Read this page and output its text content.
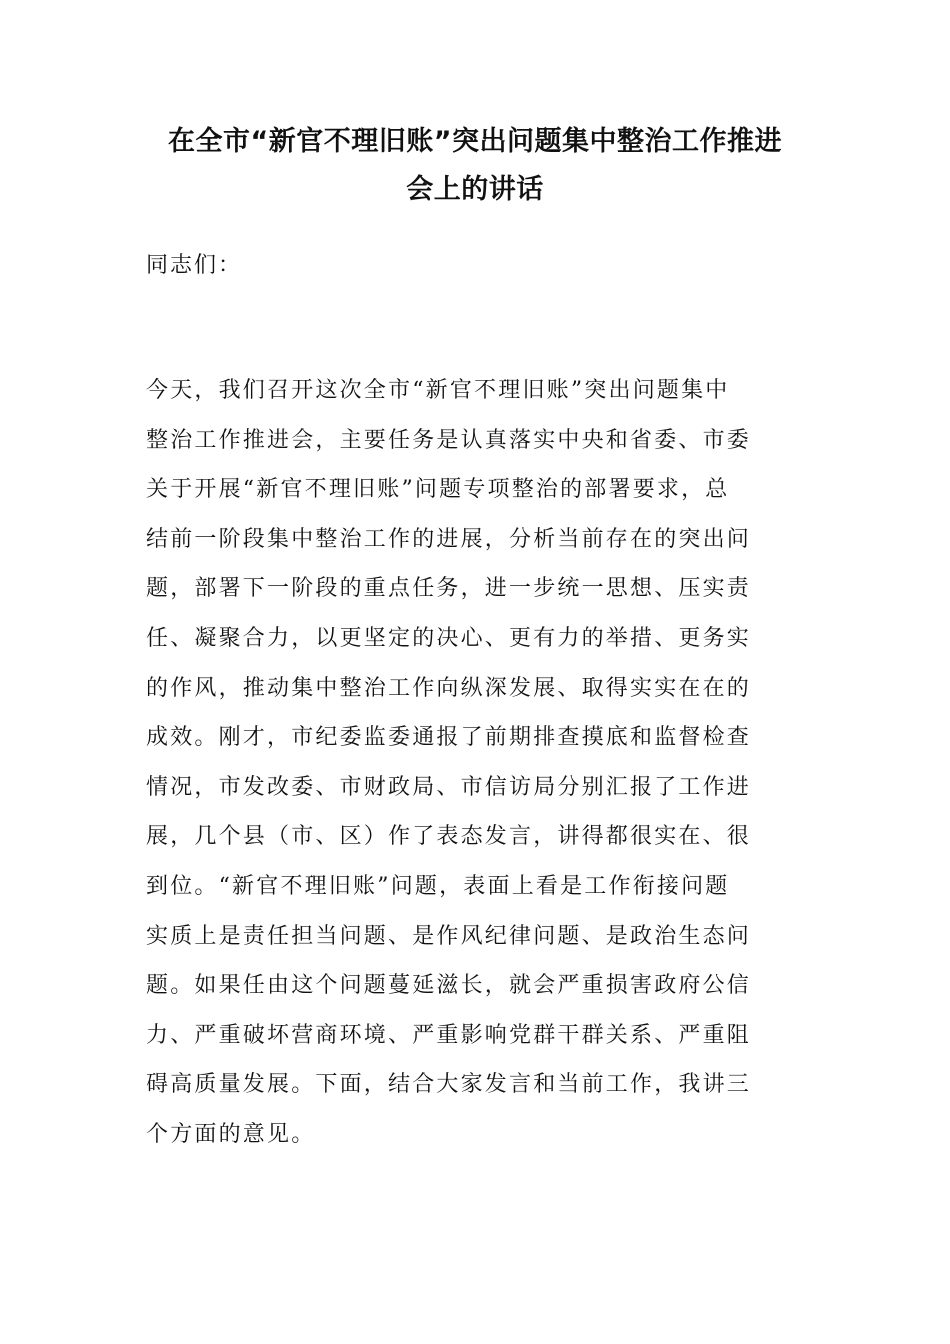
在全市“新官不理旧账”突出问题集中整治工作推进
会上的讲话
同志们：
今天，我们召开这次全市“新官不理旧账”突出问题集中
整治工作推进会，主要任务是认真落实中央和省委、市委
关于开展“新官不理旧账”问题专项整治的部署要求，总
结前一阶段集中整治工作的进展，分析当前存在的突出问
题，部署下一阶段的重点任务，进一步统一思想、压实责
任、凝聚合力，以更坚定的决心、更有力的举措、更务实
的作风，推动集中整治工作向纵深发展、取得实实在在的
成效。刚才，市纪委监委通报了前期排查摸底和监督检查
情况，市发改委、市财政局、市信访局分别汇报了工作进
展，几个县（市、区）作了表态发言，讲得都很实在、很
到位。“新官不理旧账”问题，表面上看是工作衔接问题
实质上是责任担当问题、是作风纪律问题、是政治生态问
题。如果任由这个问题蔓延滋长，就会严重损害政府公信
力、严重破坏营商环境、严重影响党群干群关系、严重阻
碍高质量发展。下面，结合大家发言和当前工作，我讲三
个方面的意见。
